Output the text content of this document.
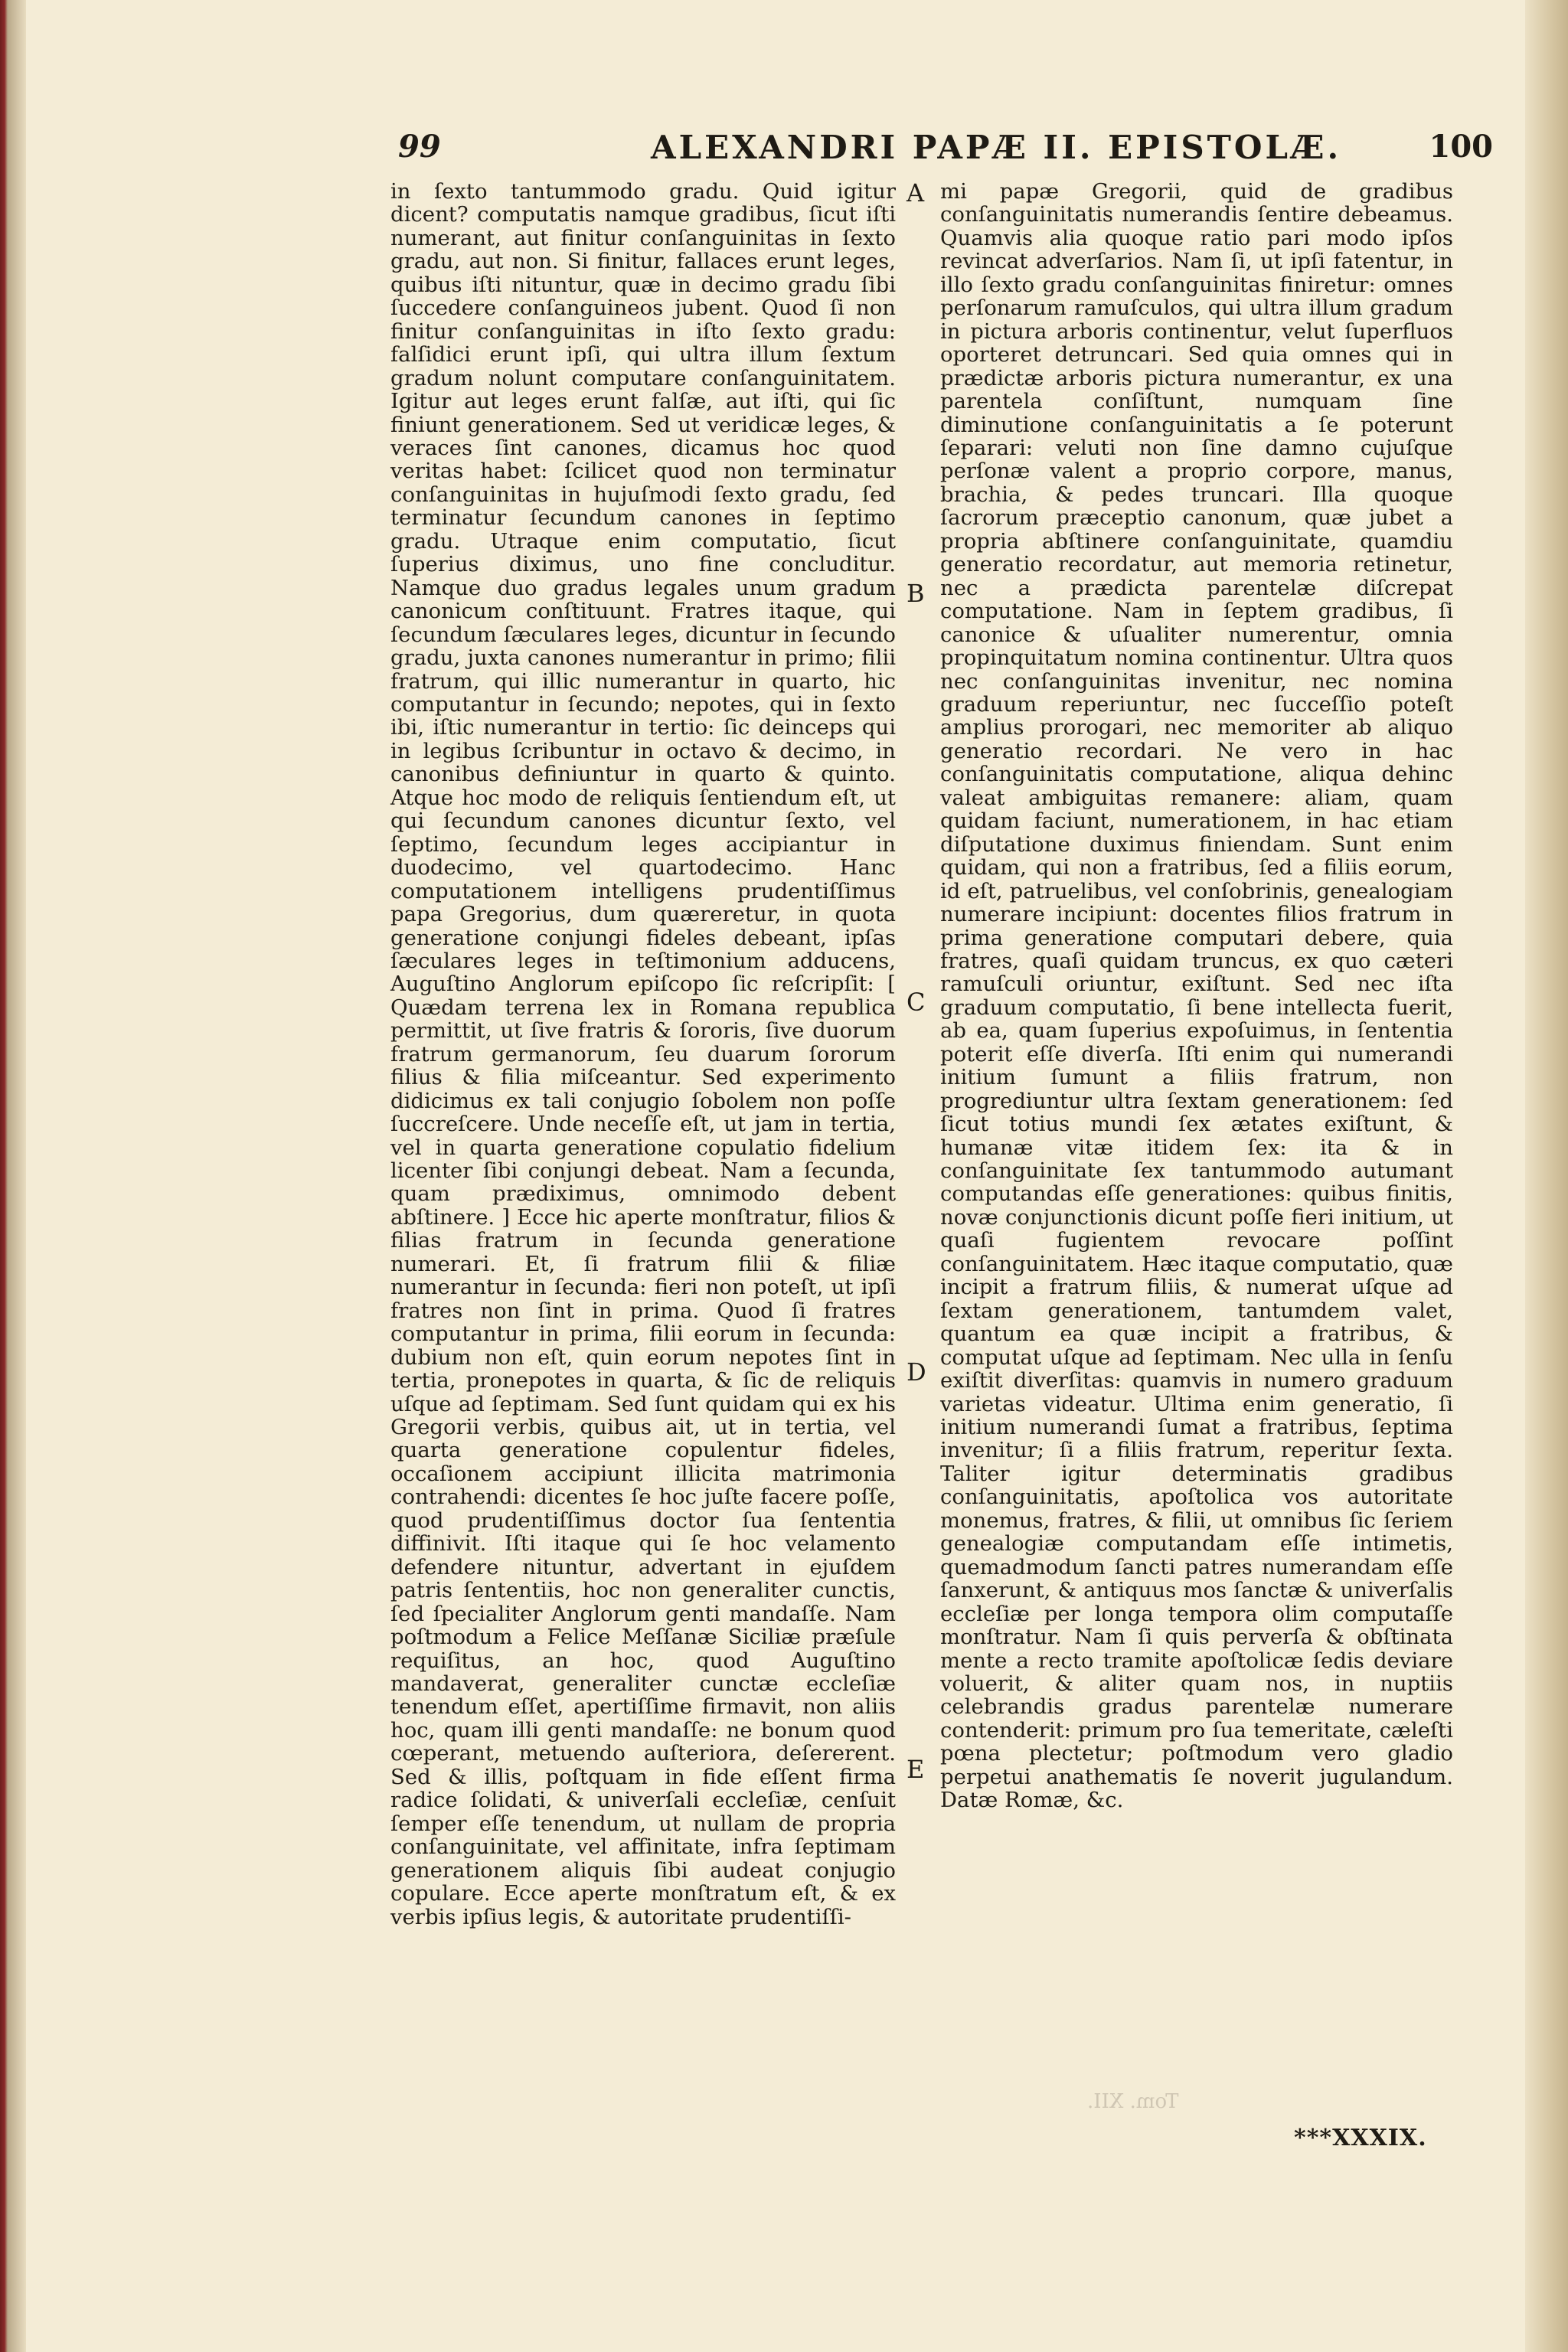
99	ALEXANDRI PAPÆ II. EPISTOLÆ.	100

in ſexto tantummodo gradu. Quid igitur dicent? computatis namque gradibus, ſicut iſti numerant, aut finitur conſanguinitas in ſexto gradu, aut non. Si finitur, fallaces erunt leges, quibus iſti nituntur, quæ in decimo gradu ſibi ſuccedere conſanguineos jubent. Quod ſi non finitur conſanguinitas in iſto ſexto gradu: falſidici erunt ipſi, qui ultra illum ſextum gradum nolunt computare conſanguinitatem. Igitur aut leges erunt falſæ, aut iſti, qui ſic finiunt generationem. Sed ut veridicæ leges, & veraces ſint canones, dicamus hoc quod veritas habet: ſcilicet quod non terminatur conſanguinitas in hujuſmodi ſexto gradu, ſed terminatur ſecundum canones in ſeptimo gradu. Utraque enim computatio, ſicut ſuperius diximus, uno fine concluditur. Namque duo gradus legales unum gradum canonicum conſtituunt. Fratres itaque, qui ſecundum ſæculares leges, dicuntur in ſecundo gradu, juxta canones numerantur in primo; filii fratrum, qui illic numerantur in quarto, hic computantur in ſecundo; nepotes, qui in ſexto ibi, iſtic numerantur in tertio: ſic deinceps qui in legibus ſcribuntur in octavo & decimo, in canonibus definiuntur in quarto & quinto. Atque hoc modo de reliquis ſentiendum eſt, ut qui ſecundum canones dicuntur ſexto, vel ſeptimo, ſecundum leges accipiantur in duodecimo, vel quartodecimo. Hanc computationem intelligens prudentiſſimus papa Gregorius, dum quæreretur, in quota generatione conjungi fideles debeant, ipſas ſæculares leges in teſtimonium adducens, Auguſtino Anglorum epiſcopo ſic reſcripſit: [ Quædam terrena lex in Romana republica permittit, ut ſive fratris & ſororis, ſive duorum fratrum germanorum, ſeu duarum ſororum filius & filia miſceantur. Sed experimento didicimus ex tali conjugio ſobolem non poſſe ſuccreſcere. Unde neceſſe eſt, ut jam in tertia, vel in quarta generatione copulatio fidelium licenter ſibi conjungi debeat. Nam a ſecunda, quam prædiximus, omnimodo debent abſtinere. ] Ecce hic aperte monſtratur, filios & filias fratrum in ſecunda generatione numerari. Et, ſi fratrum filii & filiæ numerantur in ſecunda: fieri non poteſt, ut ipſi fratres non ſint in prima. Quod ſi fratres computantur in prima, filii eorum in ſecunda: dubium non eſt, quin eorum nepotes ſint in tertia, pronepotes in quarta, & ſic de reliquis uſque ad ſeptimam. Sed ſunt quidam qui ex his Gregorii verbis, quibus ait, ut in tertia, vel quarta generatione copulentur fideles, occaſionem accipiunt illicita matrimonia contrahendi: dicentes ſe hoc juſte facere poſſe, quod prudentiſſimus doctor ſua ſententia diffinivit. Iſti itaque qui ſe hoc velamento defendere nituntur, advertant in ejuſdem patris ſententiis, hoc non generaliter cunctis, ſed ſpecialiter Anglorum genti mandaſſe. Nam poſtmodum a Felice Meſſanæ Siciliæ præſule requiſitus, an hoc, quod Auguſtino mandaverat, generaliter cunctæ eccleſiæ tenendum eſſet, apertiſſime firmavit, non aliis hoc, quam illi genti mandaſſe: ne bonum quod cœperant, metuendo auſteriora, deſererent. Sed & illis, poſtquam in fide eſſent firma radice ſolidati, & univerſali eccleſiæ, cenſuit ſemper eſſe tenendum, ut nullam de propria conſanguinitate, vel affinitate, infra ſeptimam generationem aliquis ſibi audeat conjugio copulare. Ecce aperte monſtratum eſt, & ex verbis ipſius legis, & autoritate prudentiſſi-

A
B
C
D
E

mi papæ Gregorii, quid de gradibus conſanguinitatis numerandis ſentire debeamus. Quamvis alia quoque ratio pari modo ipſos revincat adverſarios. Nam ſi, ut ipſi fatentur, in illo ſexto gradu conſanguinitas finiretur: omnes perſonarum ramuſculos, qui ultra illum gradum in pictura arboris continentur, velut ſuperfluos oporteret detruncari. Sed quia omnes qui in prædictæ arboris pictura numerantur, ex una parentela conſiſtunt, numquam ſine diminutione conſanguinitatis a ſe poterunt ſeparari: veluti non ſine damno cujuſque perſonæ valent a proprio corpore, manus, brachia, & pedes truncari. Illa quoque ſacrorum præceptio canonum, quæ jubet a propria abſtinere conſanguinitate, quamdiu generatio recordatur, aut memoria retinetur, nec a prædicta parentelæ diſcrepat computatione. Nam in ſeptem gradibus, ſi canonice & uſualiter numerentur, omnia propinquitatum nomina continentur. Ultra quos nec conſanguinitas invenitur, nec nomina graduum reperiuntur, nec ſucceſſio poteſt amplius prorogari, nec memoriter ab aliquo generatio recordari. Ne vero in hac conſanguinitatis computatione, aliqua dehinc valeat ambiguitas remanere: aliam, quam quidam faciunt, numerationem, in hac etiam diſputatione duximus finiendam. Sunt enim quidam, qui non a fratribus, ſed a filiis eorum, id eſt, patruelibus, vel conſobrinis, genealogiam numerare incipiunt: docentes filios fratrum in prima generatione computari debere, quia fratres, quaſi quidam truncus, ex quo cæteri ramuſculi oriuntur, exiſtunt. Sed nec iſta graduum computatio, ſi bene intellecta fuerit, ab ea, quam ſuperius expoſuimus, in ſententia poterit eſſe diverſa. Iſti enim qui numerandi initium ſumunt a filiis fratrum, non progrediuntur ultra ſextam generationem: ſed ſicut totius mundi ſex ætates exiſtunt, & humanæ vitæ itidem ſex: ita & in conſanguinitate ſex tantummodo autumant computandas eſſe generationes: quibus finitis, novæ conjunctionis dicunt poſſe fieri initium, ut quaſi fugientem revocare poſſint conſanguinitatem. Hæc itaque computatio, quæ incipit a fratrum filiis, & numerat uſque ad ſextam generationem, tantumdem valet, quantum ea quæ incipit a fratribus, & computat uſque ad ſeptimam. Nec ulla in ſenſu exiſtit diverſitas: quamvis in numero graduum varietas videatur. Ultima enim generatio, ſi initium numerandi ſumat a fratribus, ſeptima invenitur; ſi a filiis fratrum, reperitur ſexta. Taliter igitur determinatis gradibus conſanguinitatis, apoſtolica vos autoritate monemus, fratres, & filii, ut omnibus ſic ſeriem genealogiæ computandam eſſe intimetis, quemadmodum ſancti patres numerandam eſſe ſanxerunt, & antiquus mos ſanctæ & univerſalis eccleſiæ per longa tempora olim computaſſe monſtratur. Nam ſi quis perverſa & obſtinata mente a recto tramite apoſtolicæ ſedis deviare voluerit, & aliter quam nos, in nuptiis celebrandis gradus parentelæ numerare contenderit: primum pro ſua temeritate, cæleſti pœna plectetur; poſtmodum vero gladio perpetui anathematis ſe noverit jugulandum. Datæ Romæ, &c.

Tom. XII.
***XXXIX.
